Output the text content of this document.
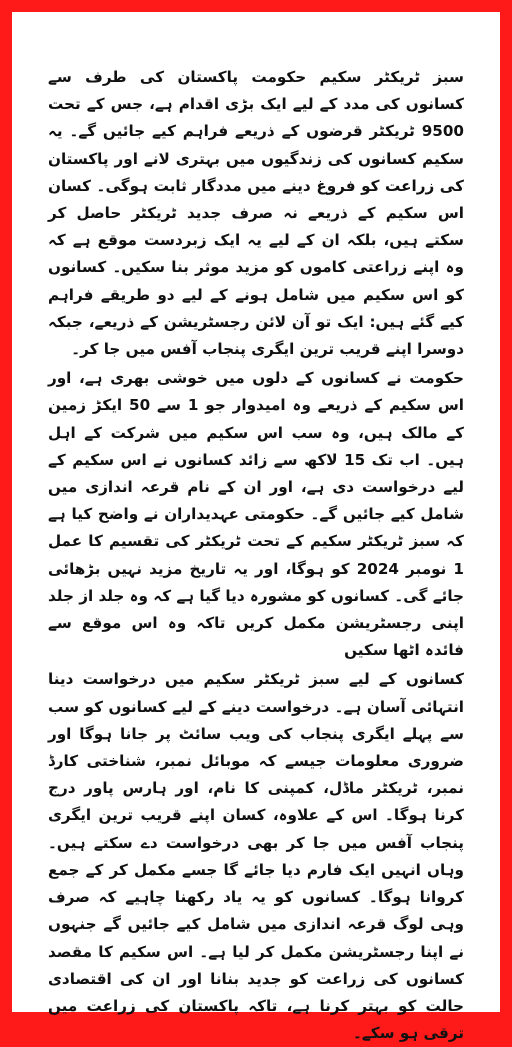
سبز ٹریکٹر سکیم حکومت پاکستان کی طرف سے کسانوں کی مدد کے لیے ایک بڑی اقدام ہے، جس کے تحت 9500 ٹریکٹر قرضوں کے ذریعے فراہم کیے جائیں گے۔ یہ سکیم کسانوں کی زندگیوں میں بہتری لانے اور پاکستان کی زراعت کو فروغ دینے میں مددگار ثابت ہوگی۔ کسان اس سکیم کے ذریعے نہ صرف جدید ٹریکٹر حاصل کر سکتے ہیں، بلکہ ان کے لیے یہ ایک زبردست موقع ہے کہ وہ اپنے زراعتی کاموں کو مزید موثر بنا سکیں۔ کسانوں کو اس سکیم میں شامل ہونے کے لیے دو طریقے فراہم کیے گئے ہیں: ایک تو آن لائن رجسٹریشن کے ذریعے، جبکہ دوسرا اپنے قریب ترین ایگری پنجاب آفس میں جا کر۔

حکومت نے کسانوں کے دلوں میں خوشی بھری ہے، اور اس سکیم کے ذریعے وہ امیدوار جو 1 سے 50 ایکڑ زمین کے مالک ہیں، وہ سب اس سکیم میں شرکت کے اہل ہیں۔ اب تک 15 لاکھ سے زائد کسانوں نے اس سکیم کے لیے درخواست دی ہے، اور ان کے نام قرعہ اندازی میں شامل کیے جائیں گے۔ حکومتی عہدیداران نے واضح کیا ہے کہ سبز ٹریکٹر سکیم کے تحت ٹریکٹر کی تقسیم کا عمل 1 نومبر 2024 کو ہوگا، اور یہ تاریخ مزید نہیں بڑھائی جائے گی۔ کسانوں کو مشورہ دیا گیا ہے کہ وہ جلد از جلد اپنی رجسٹریشن مکمل کریں تاکہ وہ اس موقع سے فائدہ اٹھا سکیں

کسانوں کے لیے سبز ٹریکٹر سکیم میں درخواست دینا انتہائی آسان ہے۔ درخواست دینے کے لیے کسانوں کو سب سے پہلے ایگری پنجاب کی ویب سائٹ پر جانا ہوگا اور ضروری معلومات جیسے کہ موبائل نمبر، شناختی کارڈ نمبر، ٹریکٹر ماڈل، کمپنی کا نام، اور ہارس پاور درج کرنا ہوگا۔ اس کے علاوہ، کسان اپنے قریب ترین ایگری پنجاب آفس میں جا کر بھی درخواست دے سکتے ہیں۔ وہاں انہیں ایک فارم دیا جائے گا جسے مکمل کر کے جمع کروانا ہوگا۔ کسانوں کو یہ یاد رکھنا چاہیے کہ صرف وہی لوگ قرعہ اندازی میں شامل کیے جائیں گے جنہوں نے اپنا رجسٹریشن مکمل کر لیا ہے۔ اس سکیم کا مقصد کسانوں کی زراعت کو جدید بنانا اور ان کی اقتصادی حالت کو بہتر کرنا ہے، تاکہ پاکستان کی زراعت میں ترقی ہو سکے۔
